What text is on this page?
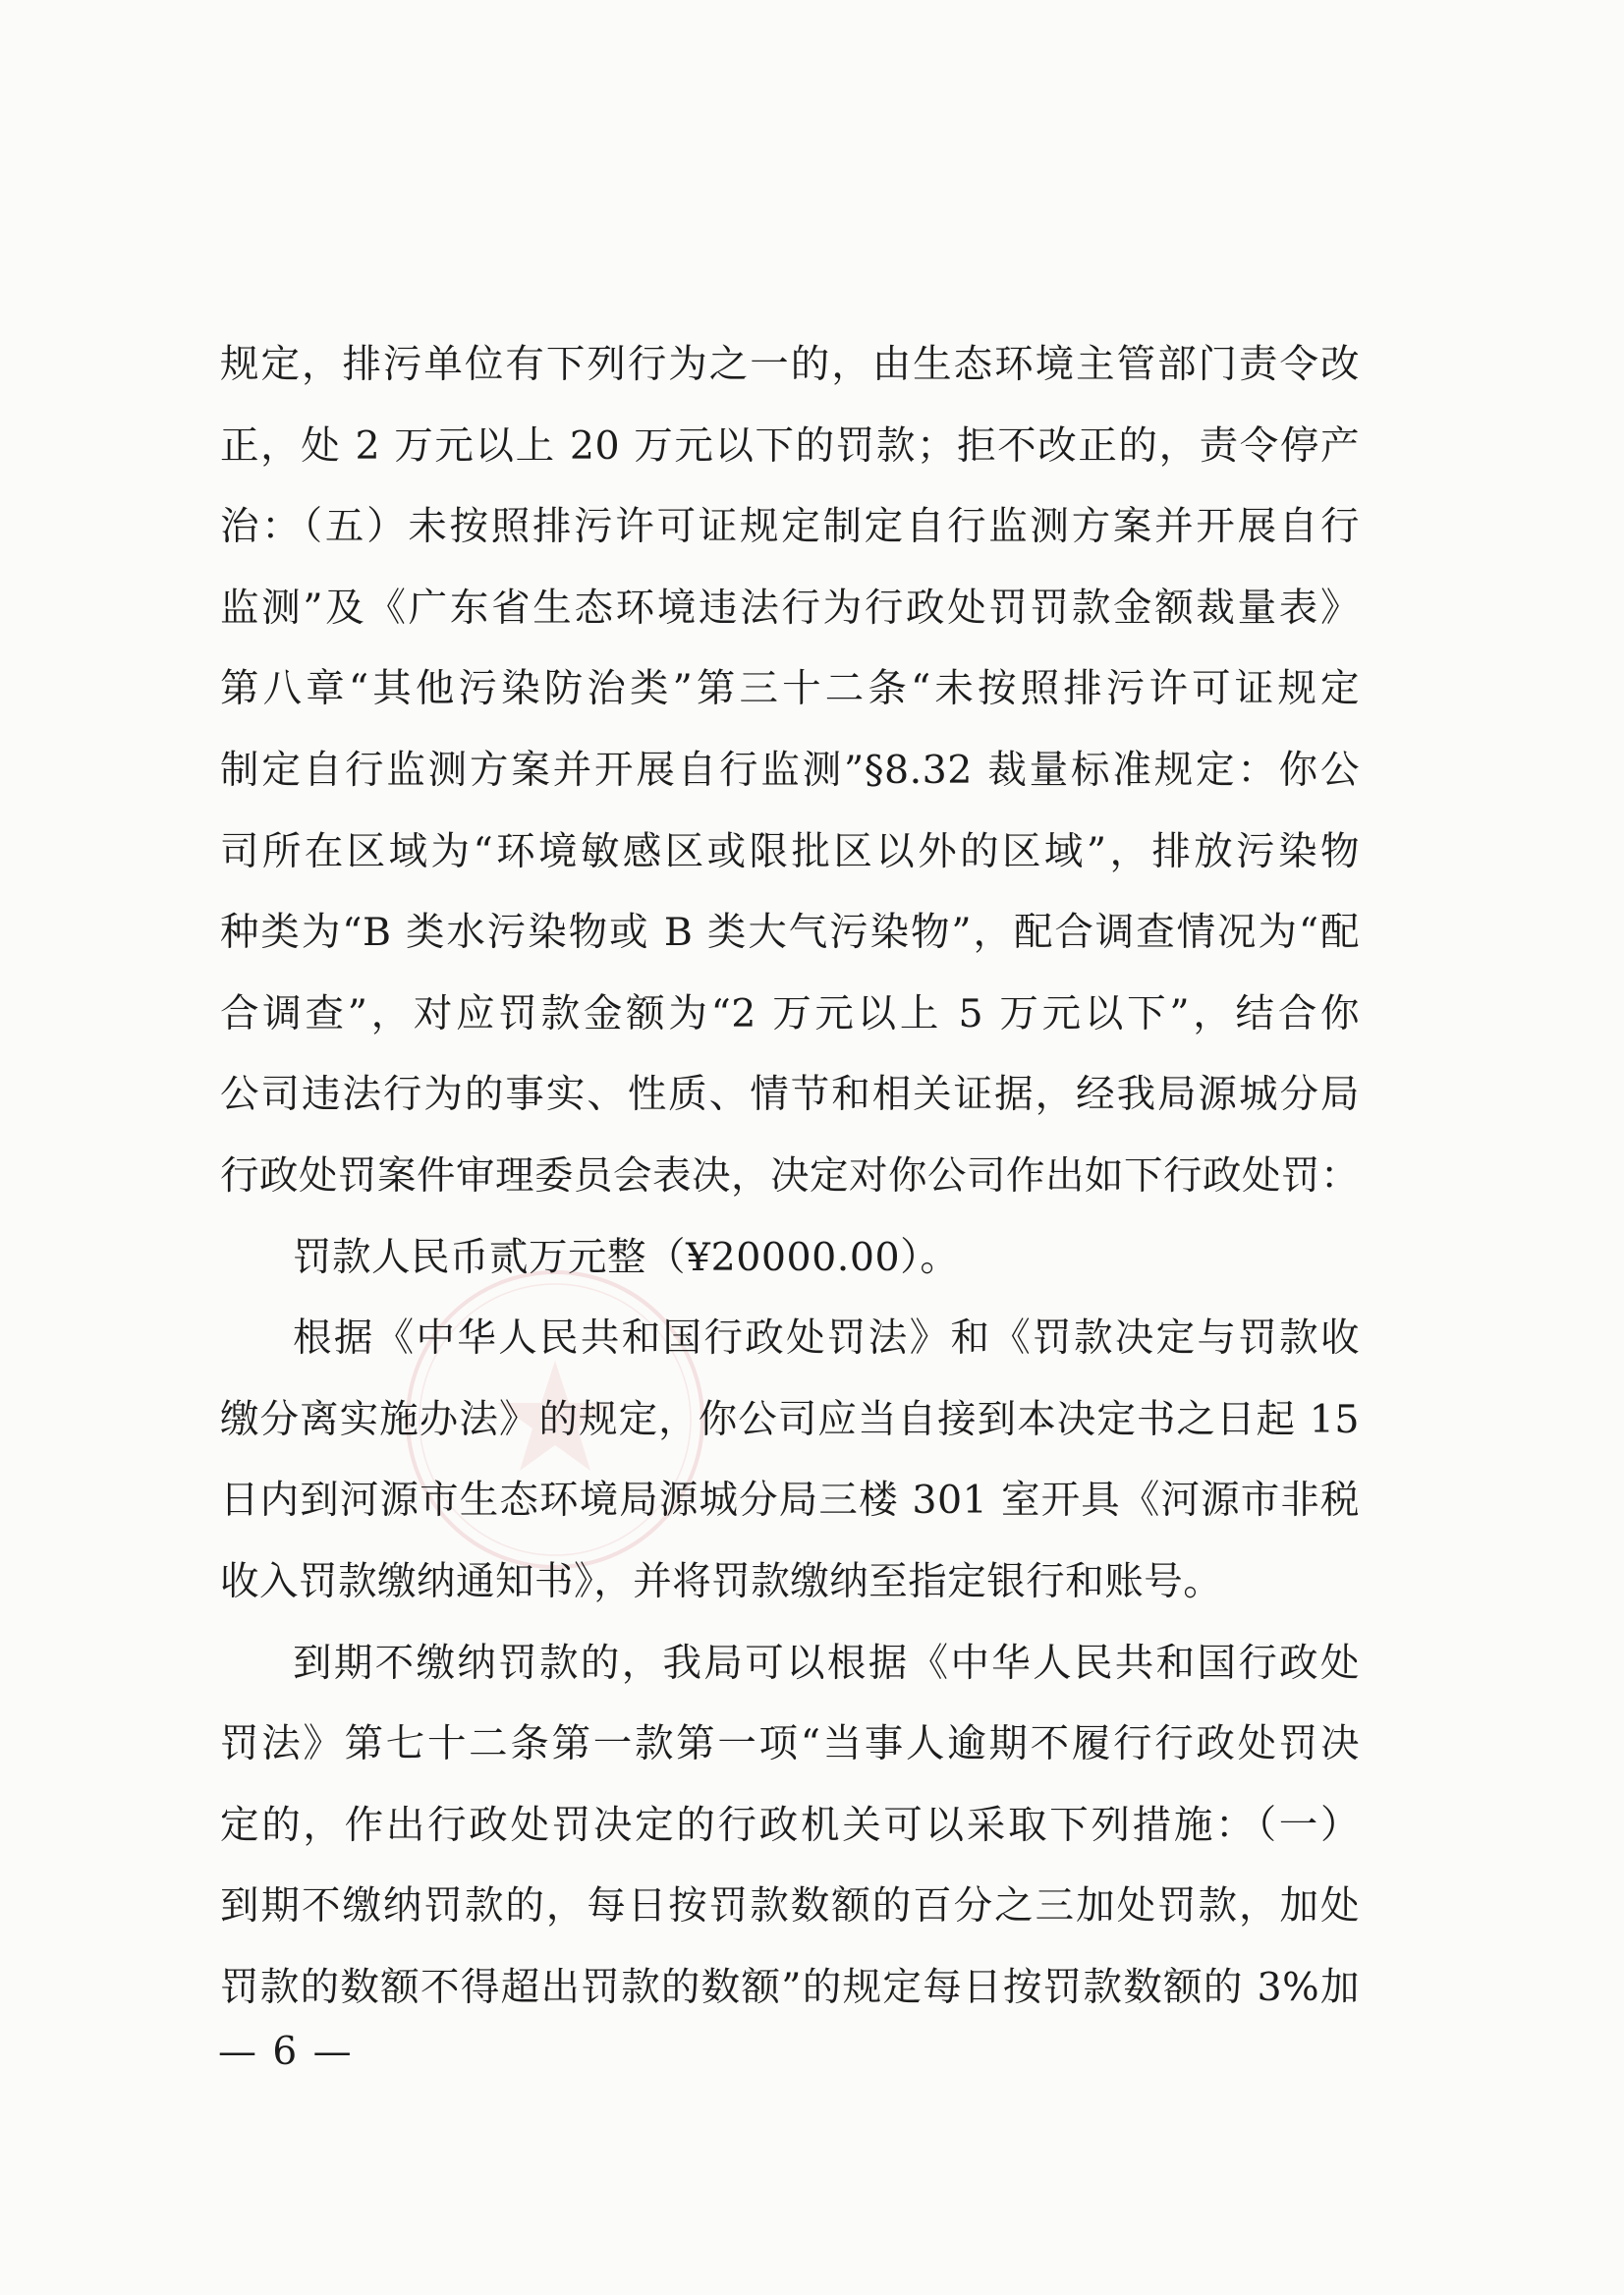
规定，排污单位有下列行为之一的，由生态环境主管部门责令改
正，处 2 万元以上 20 万元以下的罚款；拒不改正的，责令停产
治：（五）未按照排污许可证规定制定自行监测方案并开展自行
监测”及《广东省生态环境违法行为行政处罚罚款金额裁量表》
第八章“其他污染防治类”第三十二条“未按照排污许可证规定
制定自行监测方案并开展自行监测”§8.32 裁量标准规定：你公
司所在区域为“环境敏感区或限批区以外的区域”，排放污染物
种类为“B 类水污染物或 B 类大气污染物”，配合调查情况为“配
合调查”，对应罚款金额为“2 万元以上 5 万元以下”，结合你
公司违法行为的事实、性质、情节和相关证据，经我局源城分局
行政处罚案件审理委员会表决，决定对你公司作出如下行政处罚：
罚款人民币贰万元整（¥20000.00）。
根据《中华人民共和国行政处罚法》和《罚款决定与罚款收
缴分离实施办法》的规定，你公司应当自接到本决定书之日起 15
日内到河源市生态环境局源城分局三楼 301 室开具《河源市非税
收入罚款缴纳通知书》，并将罚款缴纳至指定银行和账号。
到期不缴纳罚款的，我局可以根据《中华人民共和国行政处
罚法》第七十二条第一款第一项“当事人逾期不履行行政处罚决
定的，作出行政处罚决定的行政机关可以采取下列措施：（一）
到期不缴纳罚款的，每日按罚款数额的百分之三加处罚款，加处
罚款的数额不得超出罚款的数额”的规定每日按罚款数额的 3%加
— 6 —
